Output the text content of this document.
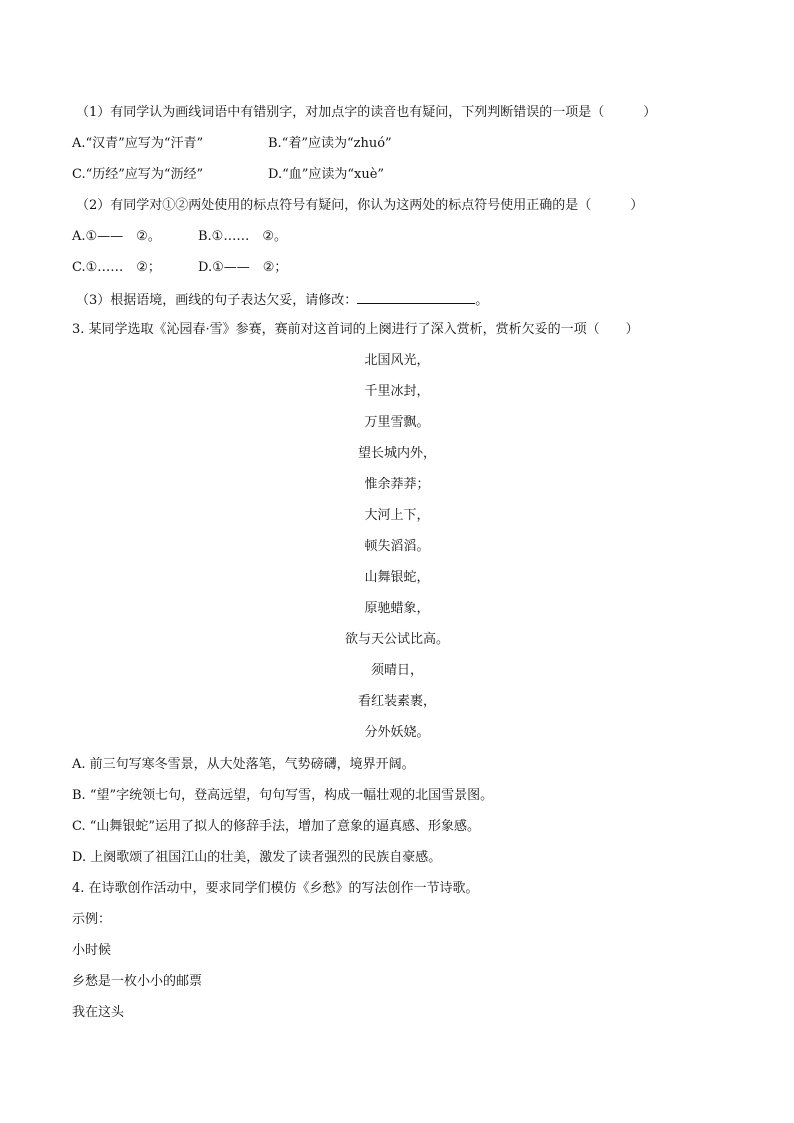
（1）有同学认为画线词语中有错别字，对加点字的读音也有疑问，下列判断错误的一项是（　　　）
A.“汉青”应写为“汗青”	B.“着”应读为“zhuó”
C.“历经”应写为“沥经”	D.“血”应读为“xuè”
（2）有同学对①②两处使用的标点符号有疑问，你认为这两处的标点符号使用正确的是（　　　）
A.①——　②。	B.①……　②。
C.①……　②；	D.①——　②；
（3）根据语境，画线的句子表达欠妥，请修改：	。
3. 某同学选取《沁园春·雪》参赛，赛前对这首词的上阕进行了深入赏析，赏析欠妥的一项（　　）
北国风光，
千里冰封，
万里雪飘。
望长城内外，
惟余莽莽；
大河上下，
顿失滔滔。
山舞银蛇，
原驰蜡象，
欲与天公试比高。
须晴日，
看红装素裹，
分外妖娆。
A. 前三句写寒冬雪景，从大处落笔，气势磅礴，境界开阔。
B. “望”字统领七句，登高远望，句句写雪，构成一幅壮观的北国雪景图。
C. “山舞银蛇”运用了拟人的修辞手法，增加了意象的逼真感、形象感。
D. 上阕歌颂了祖国江山的壮美，激发了读者强烈的民族自豪感。
4. 在诗歌创作活动中，要求同学们模仿《乡愁》的写法创作一节诗歌。
示例：
小时候
乡愁是一枚小小的邮票
我在这头
